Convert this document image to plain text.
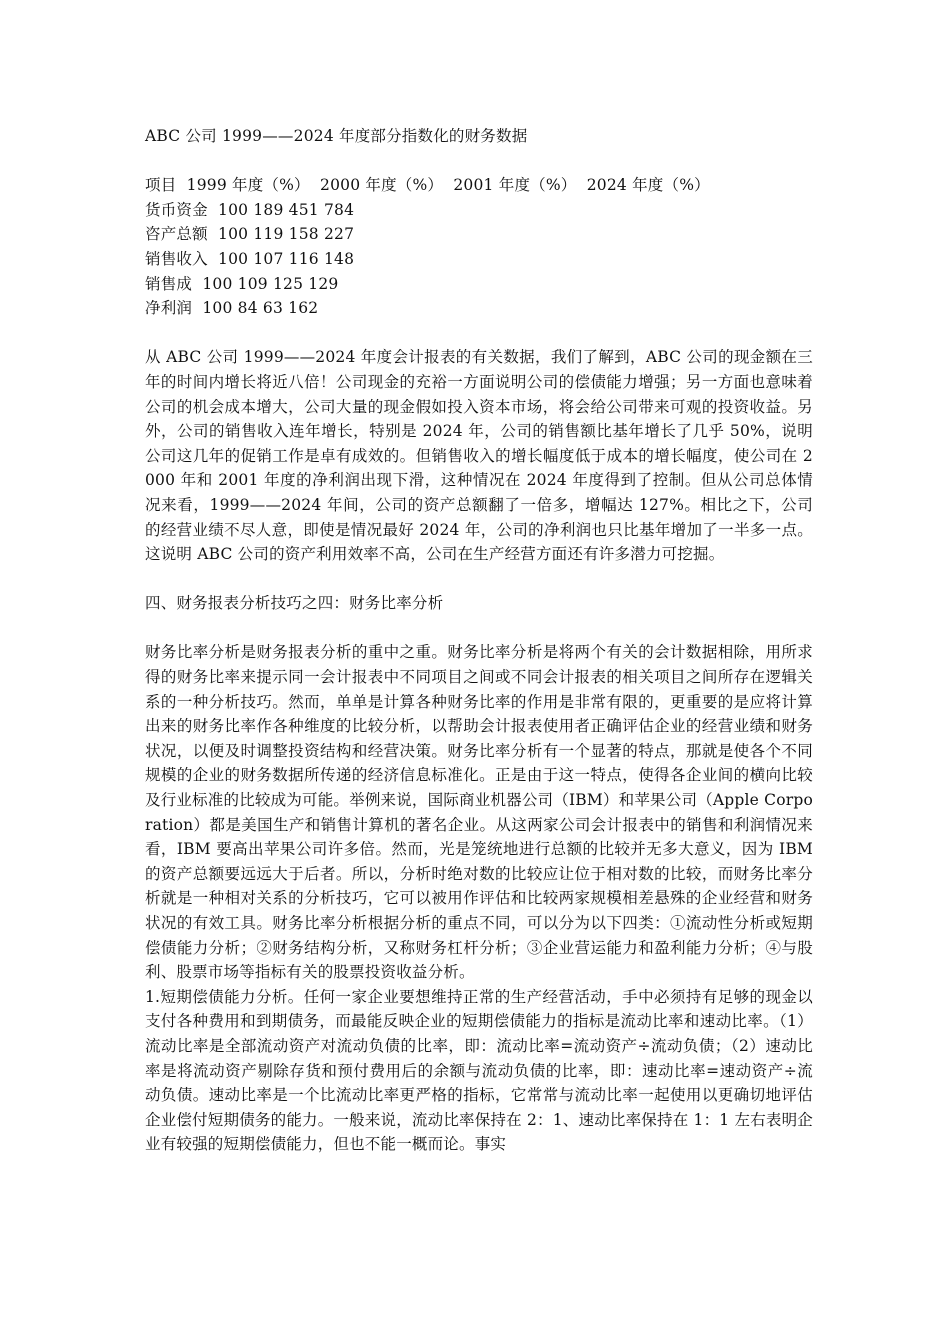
ABC 公司 1999——2024 年度部分指数化的财务数据
项目  1999 年度（%）  2000 年度（%）  2001 年度（%）  2024 年度（%）
货币资金  100 189 451 784
咨产总额  100 119 158 227
销售收入  100 107 116 148
销售成  100 109 125 129
净利润  100 84 63 162
从 ABC 公司 1999——2024 年度会计报表的有关数据，我们了解到，ABC 公司的现金额在三年的时间内增长将近八倍！公司现金的充裕一方面说明公司的偿债能力增强；另一方面也意味着公司的机会成本增大，公司大量的现金假如投入资本市场，将会给公司带来可观的投资收益。另外，公司的销售收入连年增长，特别是 2024 年，公司的销售额比基年增长了几乎 50%，说明公司这几年的促销工作是卓有成效的。但销售收入的增长幅度低于成本的增长幅度，使公司在 2000 年和 2001 年度的净利润出现下滑，这种情况在 2024 年度得到了控制。但从公司总体情况来看，1999——2024 年间，公司的资产总额翻了一倍多，增幅达 127%。相比之下，公司的经营业绩不尽人意，即使是情况最好 2024 年，公司的净利润也只比基年增加了一半多一点。这说明 ABC 公司的资产利用效率不高，公司在生产经营方面还有许多潜力可挖掘。
四、财务报表分析技巧之四：财务比率分析
财务比率分析是财务报表分析的重中之重。财务比率分析是将两个有关的会计数据相除，用所求得的财务比率来提示同一会计报表中不同项目之间或不同会计报表的相关项目之间所存在逻辑关系的一种分析技巧。然而，单单是计算各种财务比率的作用是非常有限的，更重要的是应将计算出来的财务比率作各种维度的比较分析，以帮助会计报表使用者正确评估企业的经营业绩和财务状况，以便及时调整投资结构和经营决策。财务比率分析有一个显著的特点，那就是使各个不同规模的企业的财务数据所传递的经济信息标准化。正是由于这一特点，使得各企业间的横向比较及行业标准的比较成为可能。举例来说，国际商业机器公司（IBM）和苹果公司（Apple Corporation）都是美国生产和销售计算机的著名企业。从这两家公司会计报表中的销售和利润情况来看，IBM 要高出苹果公司许多倍。然而，光是笼统地进行总额的比较并无多大意义，因为 IBM 的资产总额要远远大于后者。所以，分析时绝对数的比较应让位于相对数的比较，而财务比率分析就是一种相对关系的分析技巧，它可以被用作评估和比较两家规模相差悬殊的企业经营和财务状况的有效工具。财务比率分析根据分析的重点不同，可以分为以下四类：①流动性分析或短期偿债能力分析；②财务结构分析，又称财务杠杆分析；③企业营运能力和盈利能力分析；④与股利、股票市场等指标有关的股票投资收益分析。
1.短期偿债能力分析。任何一家企业要想维持正常的生产经营活动，手中必须持有足够的现金以支付各种费用和到期债务，而最能反映企业的短期偿债能力的指标是流动比率和速动比率。（1）流动比率是全部流动资产对流动负债的比率，即：流动比率=流动资产÷流动负债；（2）速动比率是将流动资产剔除存货和预付费用后的余额与流动负债的比率，即：速动比率=速动资产÷流动负债。速动比率是一个比流动比率更严格的指标，它常常与流动比率一起使用以更确切地评估企业偿付短期债务的能力。一般来说，流动比率保持在 2：1、速动比率保持在 1：1 左右表明企业有较强的短期偿债能力，但也不能一概而论。事实
